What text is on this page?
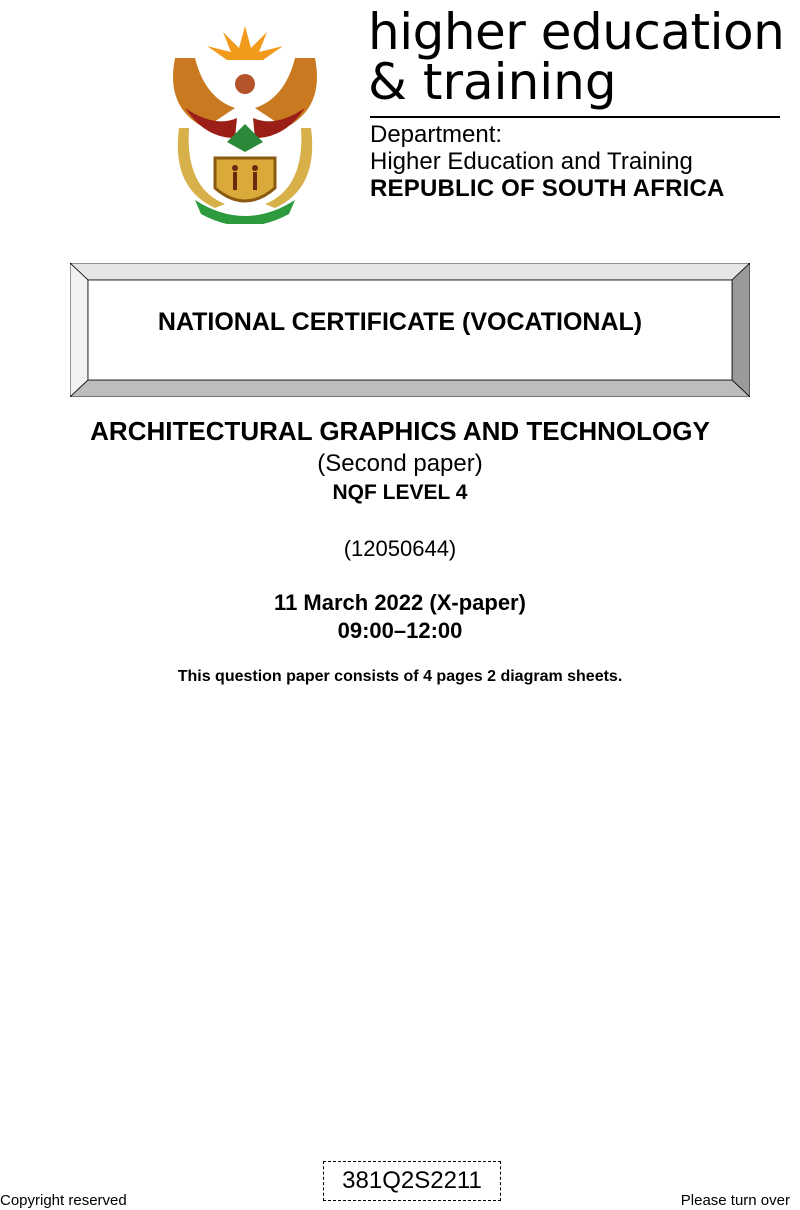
higher education
& training
Department:
Higher Education and Training
REPUBLIC OF SOUTH AFRICA
NATIONAL CERTIFICATE (VOCATIONAL)
ARCHITECTURAL GRAPHICS AND TECHNOLOGY
(Second paper)
NQF LEVEL 4
(12050644)
11 March 2022 (X-paper)
09:00–12:00
This question paper consists of 4 pages 2 diagram sheets.
Copyright reserved
381Q2S2211
Please turn over
